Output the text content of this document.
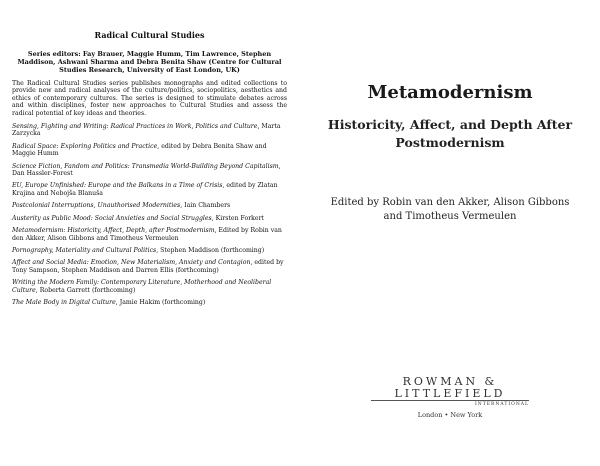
Radical Cultural Studies
Series editors: Fay Brauer, Maggie Humm, Tim Lawrence, Stephen Maddison, Ashwani Sharma and Debra Benita Shaw (Centre for Cultural Studies Research, University of East London, UK)

The Radical Cultural Studies series publishes monographs and edited collections to provide new and radical analyses of the culture/politics, sociopolitics, aesthetics and ethics of contemporary cultures. The series is designed to stimulate debates across and within disciplines, foster new approaches to Cultural Studies and assess the radical potential of key ideas and theories.

Sensing, Fighting and Writing: Radical Practices in Work, Politics and Culture, Marta Zarzycka

Radical Space: Exploring Politics and Practice, edited by Debra Benita Shaw and Maggie Humm

Science Fiction, Fandom and Politics: Transmedia World-Building Beyond Capitalism, Dan Hassler-Forest

EU, Europe Unfinished: Europe and the Balkans in a Time of Crisis, edited by Zlatan Krajina and Nebojša Blanuša

Postcolonial Interruptions, Unauthorised Modernities, Iain Chambers

Austerity as Public Mood: Social Anxieties and Social Struggles, Kirsten Forkert

Metamodernism: Historicity, Affect, Depth, after Postmodernism, Edited by Robin van den Akker, Alison Gibbons and Timotheus Vermeulen

Pornography, Materiality and Cultural Politics, Stephen Maddison (forthcoming)

Affect and Social Media: Emotion, New Materialism, Anxiety and Contagion, edited by Tony Sampson, Stephen Maddison and Darren Ellis (forthcoming)

Writing the Modern Family: Contemporary Literature, Motherhood and Neoliberal Culture, Roberta Garrett (forthcoming)

The Male Body in Digital Culture, Jamie Hakim (forthcoming)

Metamodernism
Historicity, Affect, and Depth After Postmodernism
Edited by Robin van den Akker, Alison Gibbons and Timotheus Vermeulen
ROWMAN &
LITTLEFIELD
INTERNATIONAL
London • New York
